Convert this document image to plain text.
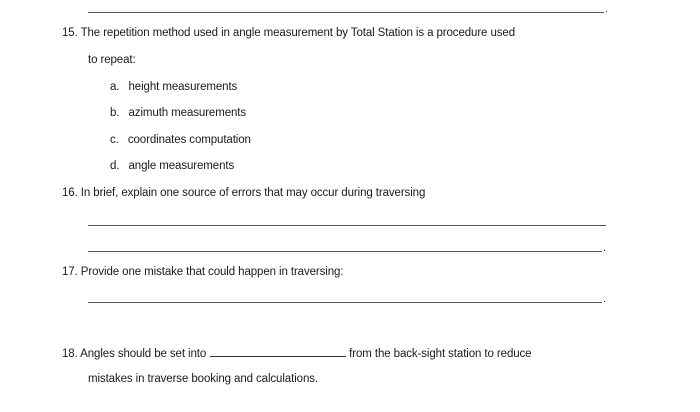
.
15. The repetition method used in angle measurement by Total Station is a procedure used
to repeat:
a. height measurements
b. azimuth measurements
c. coordinates computation
d. angle measurements
16. In brief, explain one source of errors that may occur during traversing
.
17. Provide one mistake that could happen in traversing:
.
18. Angles should be set into	from the back-sight station to reduce
mistakes in traverse booking and calculations.
